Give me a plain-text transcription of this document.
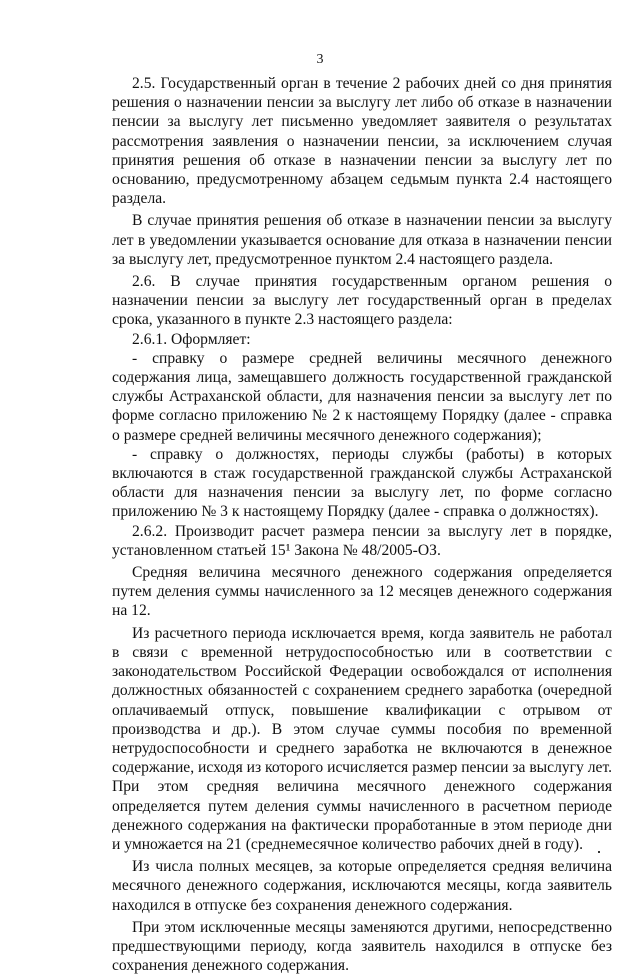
3

2.5. Государственный орган в течение 2 рабочих дней со дня принятия решения о назначении пенсии за выслугу лет либо об отказе в назначении пенсии за выслугу лет письменно уведомляет заявителя о результатах рассмотрения заявления о назначении пенсии, за исключением случая принятия решения об отказе в назначении пенсии за выслугу лет по основанию, предусмотренному абзацем седьмым пункта 2.4 настоящего раздела.

В случае принятия решения об отказе в назначении пенсии за выслугу лет в уведомлении указывается основание для отказа в назначении пенсии за выслугу лет, предусмотренное пунктом 2.4 настоящего раздела.

2.6. В случае принятия государственным органом решения о назначении пенсии за выслугу лет государственный орган в пределах срока, указанного в пункте 2.3 настоящего раздела:

2.6.1. Оформляет:

- справку о размере средней величины месячного денежного содержания лица, замещавшего должность государственной гражданской службы Астраханской области, для назначения пенсии за выслугу лет по форме согласно приложению № 2 к настоящему Порядку (далее - справка о размере средней величины месячного денежного содержания);

- справку о должностях, периоды службы (работы) в которых включаются в стаж государственной гражданской службы Астраханской области для назначения пенсии за выслугу лет, по форме согласно приложению № 3 к настоящему Порядку (далее - справка о должностях).

2.6.2. Производит расчет размера пенсии за выслугу лет в порядке, установленном статьей 15¹ Закона № 48/2005-ОЗ.

Средняя величина месячного денежного содержания определяется путем деления суммы начисленного за 12 месяцев денежного содержания на 12.

Из расчетного периода исключается время, когда заявитель не работал в связи с временной нетрудоспособностью или в соответствии с законодательством Российской Федерации освобождался от исполнения должностных обязанностей с сохранением среднего заработка (очередной оплачиваемый отпуск, повышение квалификации с отрывом от производства и др.). В этом случае суммы пособия по временной нетрудоспособности и среднего заработка не включаются в денежное содержание, исходя из которого исчисляется размер пенсии за выслугу лет. При этом средняя величина месячного денежного содержания определяется путем деления суммы начисленного в расчетном периоде денежного содержания на фактически проработанные в этом периоде дни и умножается на 21 (среднемесячное количество рабочих дней в году).

Из числа полных месяцев, за которые определяется средняя величина месячного денежного содержания, исключаются месяцы, когда заявитель находился в отпуске без сохранения денежного содержания.

При этом исключенные месяцы заменяются другими, непосредственно предшествующими периоду, когда заявитель находился в отпуске без сохранения денежного содержания.
